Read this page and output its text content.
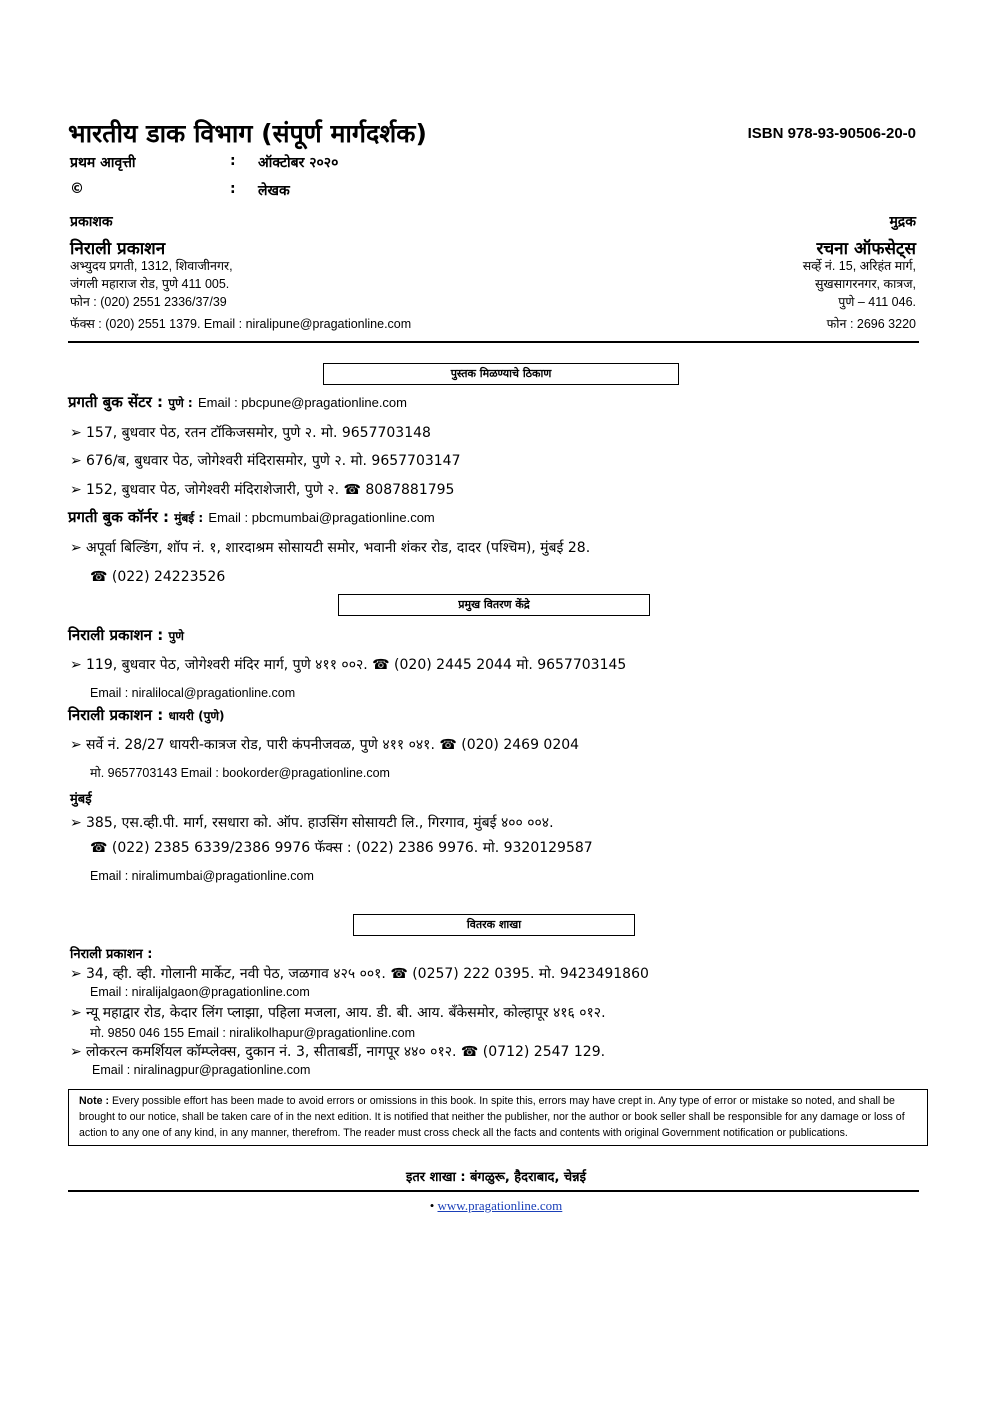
भारतीय डाक विभाग (संपूर्ण मार्गदर्शक)	ISBN 978-93-90506-20-0
प्रथम आवृत्ती	: ऑक्टोबर २०२०
©	: लेखक
प्रकाशक
निराली प्रकाशन
अभ्युदय प्रगती, 1312, शिवाजीनगर,
जंगली महाराज रोड, पुणे 411 005.
फोन : (020) 2551 2336/37/39
फॅक्स : (020) 2551 1379. Email : niralipune@pragationline.com
मुद्रक
रचना ऑफसेट्स
सर्व्हे नं. 15, अरिहंत मार्ग,
सुखसागरनगर, कात्रज,
पुणे – 411 046.
फोन : 2696 3220
पुस्तक मिळण्याचे ठिकाण
प्रगती बुक सेंटर : पुणे : Email : pbcpune@pragationline.com
➢ 157, बुधवार पेठ, रतन टॉकिजसमोर, पुणे २. मो. 9657703148
➢ 676/ब, बुधवार पेठ, जोगेश्वरी मंदिरासमोर, पुणे २. मो. 9657703147
➢ 152, बुधवार पेठ, जोगेश्वरी मंदिराशेजारी, पुणे २. ☎ 8087881795
प्रगती बुक कॉर्नर : मुंबई : Email : pbcmumbai@pragationline.com
➢ अपूर्वा बिल्डिंग, शॉप नं. १, शारदाश्रम सोसायटी समोर, भवानी शंकर रोड, दादर (पश्चिम), मुंबई 28.
☎ (022) 24223526
प्रमुख वितरण केंद्रे
निराली प्रकाशन : पुणे
➢ 119, बुधवार पेठ, जोगेश्वरी मंदिर मार्ग, पुणे ४११ ००२. ☎ (020) 2445 2044 मो. 9657703145
Email : niralilocal@pragationline.com
निराली प्रकाशन : धायरी (पुणे)
➢ सर्वे नं. 28/27 धायरी-कात्रज रोड, पारी कंपनीजवळ, पुणे ४११ ०४१. ☎ (020) 2469 0204
मो. 9657703143 Email : bookorder@pragationline.com
मुंबई
➢ 385, एस.व्ही.पी. मार्ग, रसधारा को. ऑप. हाउसिंग सोसायटी लि., गिरगाव, मुंबई ४०० ००४.
☎ (022) 2385 6339/2386 9976 फॅक्स : (022) 2386 9976. मो. 9320129587
Email : niralimumbai@pragationline.com
वितरक शाखा
निराली प्रकाशन :
➢ 34, व्ही. व्ही. गोलानी मार्केट, नवी पेठ, जळगाव ४२५ ००१. ☎ (0257) 222 0395. मो. 9423491860
Email : niralijalgaon@pragationline.com
➢ न्यू महाद्वार रोड, केदार लिंग प्लाझा, पहिला मजला, आय. डी. बी. आय. बँकेसमोर, कोल्हापूर ४१६ ०१२.
मो. 9850 046 155 Email : niralikolhapur@pragationline.com
➢ लोकरत्न कमर्शियल कॉम्प्लेक्स, दुकान नं. 3, सीताबर्डी, नागपूर ४४० ०१२. ☎ (0712) 2547 129.
Email : niralinagpur@pragationline.com
Note : Every possible effort has been made to avoid errors or omissions in this book. In spite this, errors may have crept in. Any type of error or mistake so noted, and shall be brought to our notice, shall be taken care of in the next edition. It is notified that neither the publisher, nor the author or book seller shall be responsible for any damage or loss of action to any one of any kind, in any manner, therefrom. The reader must cross check all the facts and contents with original Government notification or publications.
इतर शाखा : बंगळुरू, हैदराबाद, चेन्नई
• www.pragationline.com
